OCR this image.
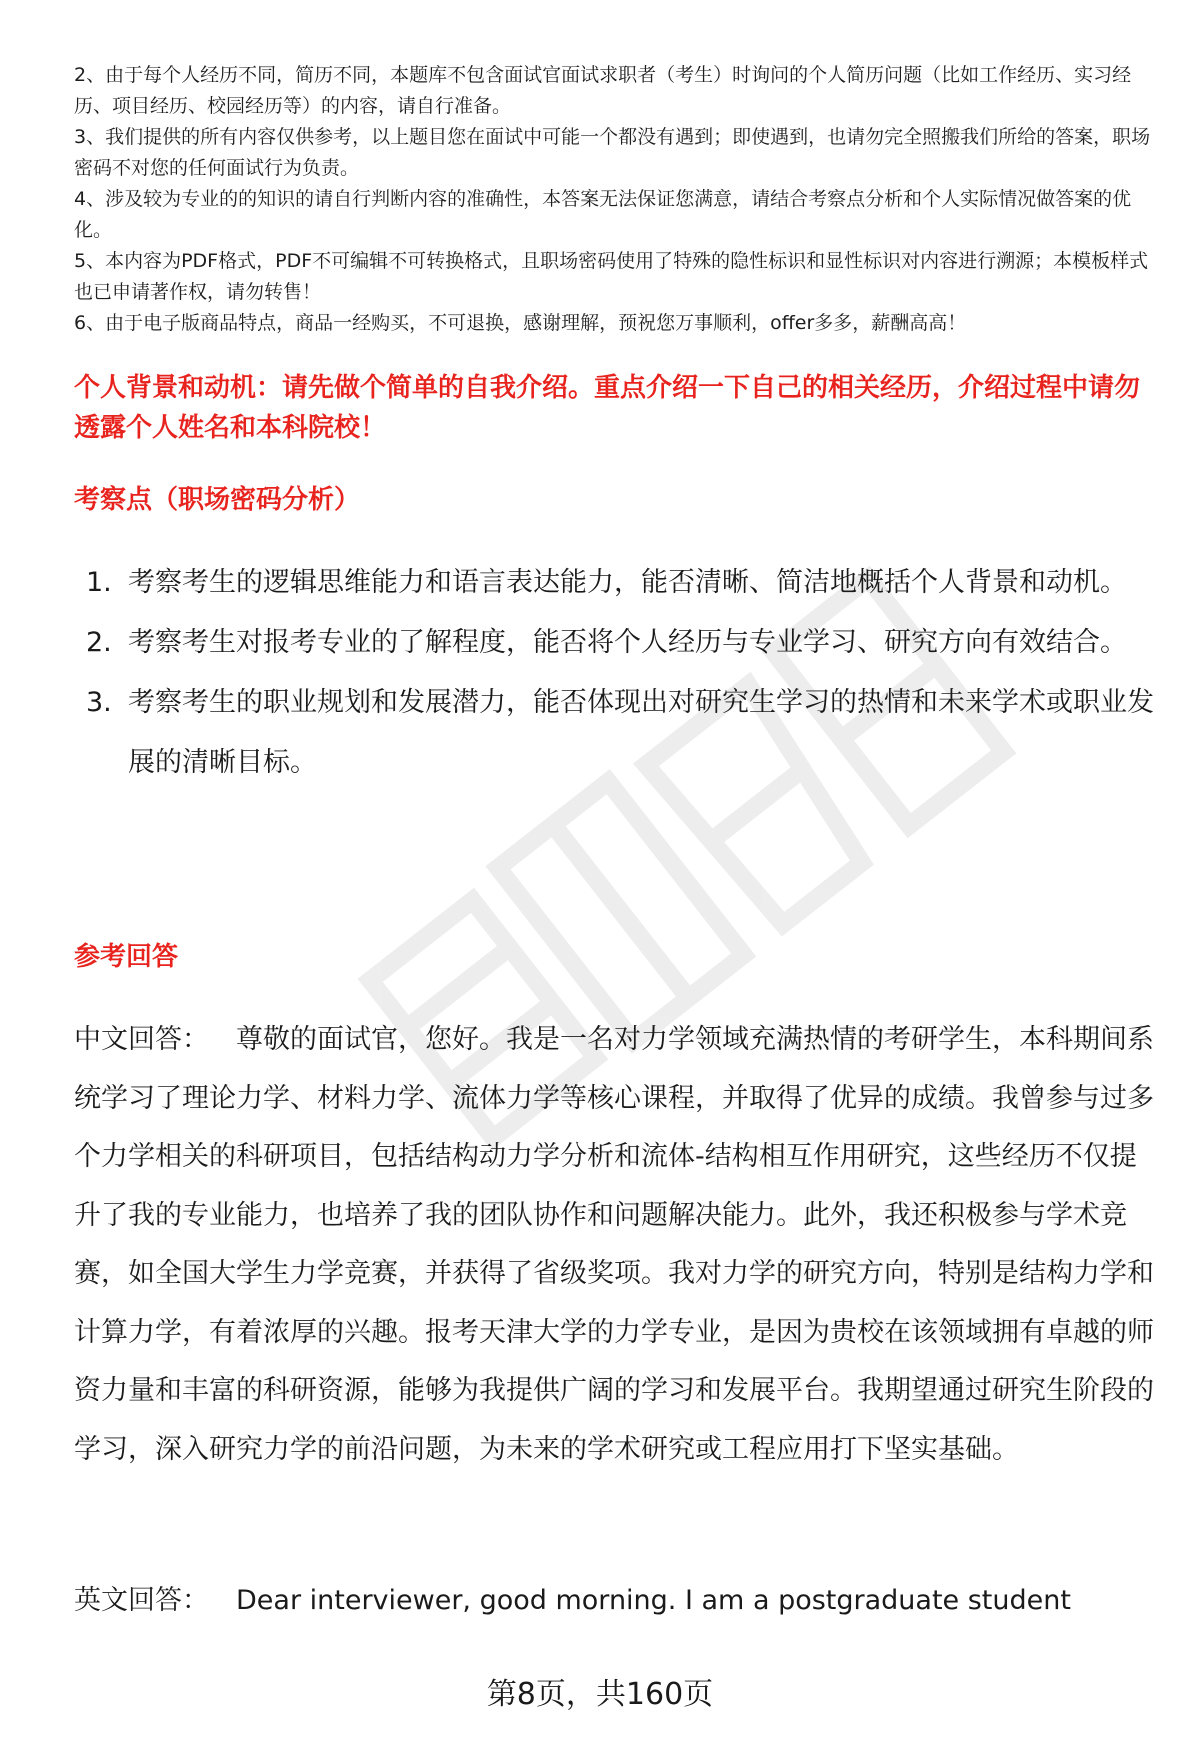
2、由于每个人经历不同，简历不同，本题库不包含面试官面试求职者（考生）时询问的个人简历问题（比如工作经历、实习经历、项目经历、校园经历等）的内容，请自行准备。

3、我们提供的所有内容仅供参考，以上题目您在面试中可能一个都没有遇到；即使遇到，也请勿完全照搬我们所给的答案，职场密码不对您的任何面试行为负责。

4、涉及较为专业的的知识的请自行判断内容的准确性，本答案无法保证您满意，请结合考察点分析和个人实际情况做答案的优化。

5、本内容为PDF格式，PDF不可编辑不可转换格式，且职场密码使用了特殊的隐性标识和显性标识对内容进行溯源；本模板样式也已申请著作权，请勿转售！

6、由于电子版商品特点，商品一经购买，不可退换，感谢理解，预祝您万事顺利，offer多多，薪酬高高！

个人背景和动机：请先做个简单的自我介绍。重点介绍一下自己的相关经历，介绍过程中请勿透露个人姓名和本科院校！
考察点（职场密码分析）
1. 考察考生的逻辑思维能力和语言表达能力，能否清晰、简洁地概括个人背景和动机。
2. 考察考生对报考专业的了解程度，能否将个人经历与专业学习、研究方向有效结合。
3. 考察考生的职业规划和发展潜力，能否体现出对研究生学习的热情和未来学术或职业发展的清晰目标。
参考回答

中文回答：  尊敬的面试官，您好。我是一名对力学领域充满热情的考研学生，本科期间系统学习了理论力学、材料力学、流体力学等核心课程，并取得了优异的成绩。我曾参与过多个力学相关的科研项目，包括结构动力学分析和流体-结构相互作用研究，这些经历不仅提升了我的专业能力，也培养了我的团队协作和问题解决能力。此外，我还积极参与学术竞赛，如全国大学生力学竞赛，并获得了省级奖项。我对力学的研究方向，特别是结构力学和计算力学，有着浓厚的兴趣。报考天津大学的力学专业，是因为贵校在该领域拥有卓越的师资力量和丰富的科研资源，能够为我提供广阔的学习和发展平台。我期望通过研究生阶段的学习，深入研究力学的前沿问题，为未来的学术研究或工程应用打下坚实基础。

英文回答：  Dear interviewer, good morning. I am a postgraduate student

第8页，共160页
